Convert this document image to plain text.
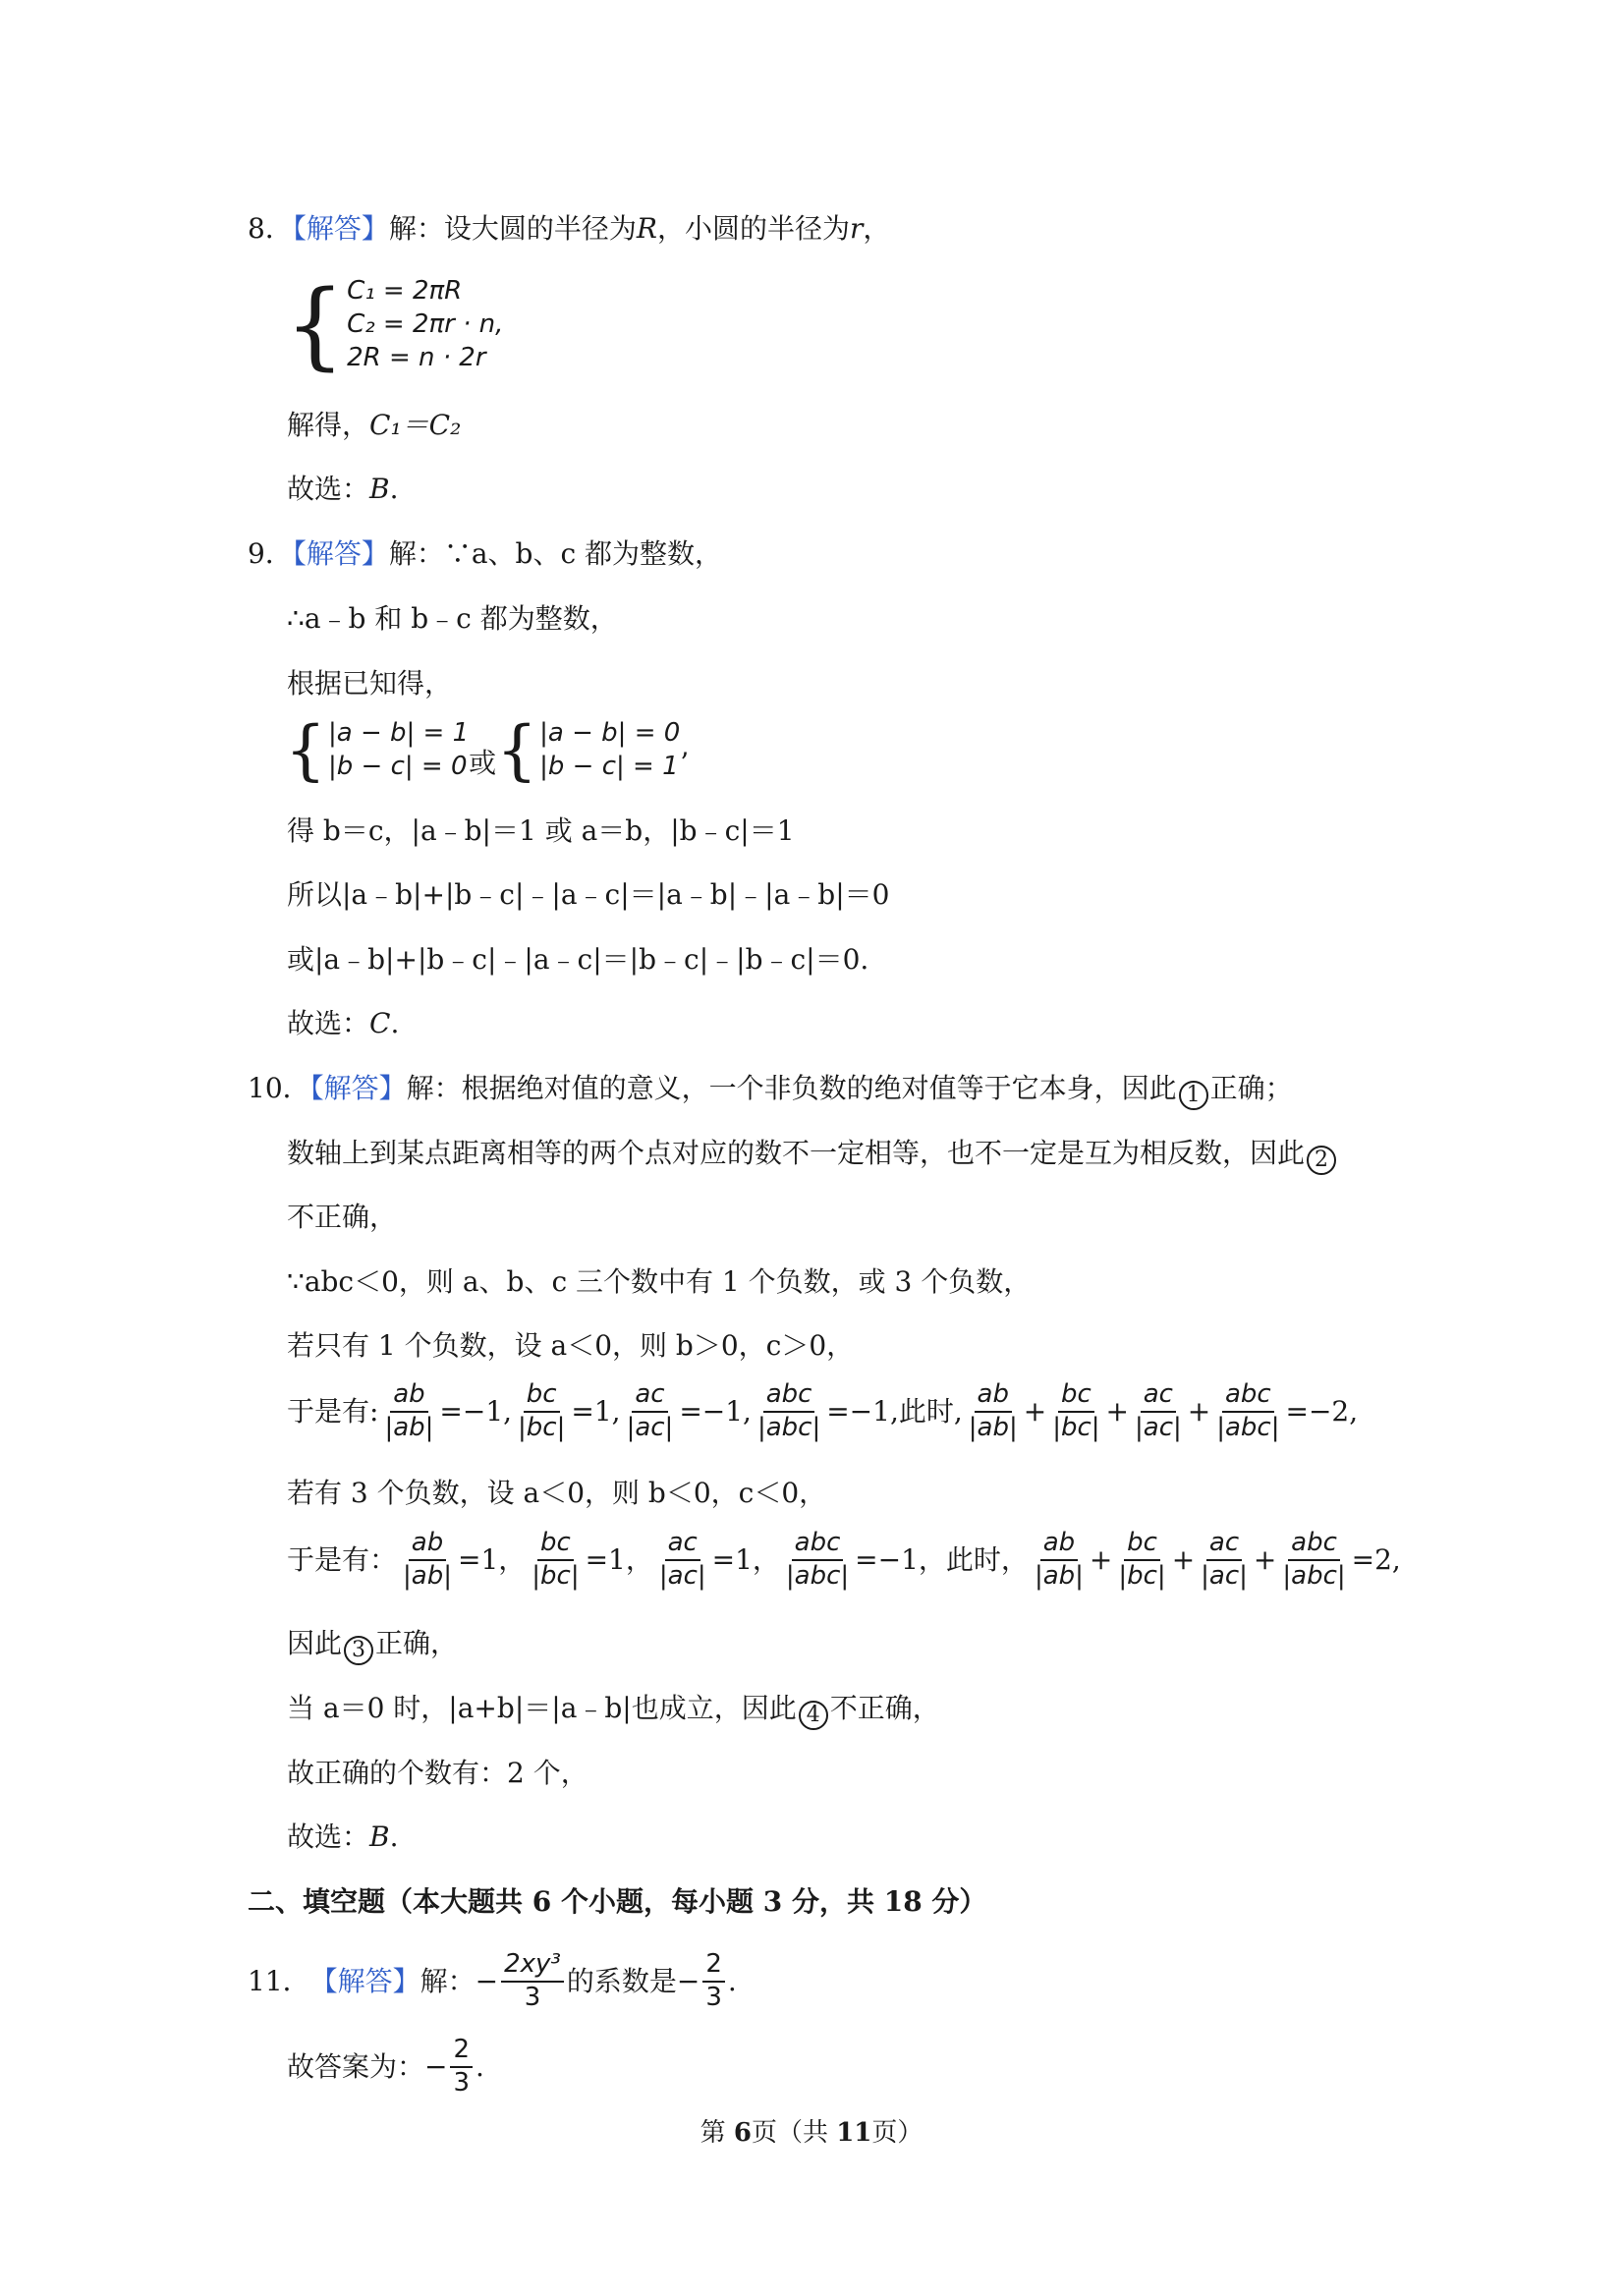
8．【解答】解：设大圆的半径为R，小圆的半径为r，
{ C₁ = 2πR
C₂ = 2πr · n,
2R = n · 2r
解得，C₁＝C₂
故选：B.
9．【解答】解：∵a、b、c 都为整数，
∴a﹣b 和 b﹣c 都为整数，
根据已知得，
{ |a − b| = 1
|b − c| = 0 或 { |a − b| = 0
|b − c| = 1 ’
得 b＝c，|a﹣b|＝1 或 a＝b，|b﹣c|＝1
所以|a﹣b|+|b﹣c|﹣|a﹣c|＝|a﹣b|﹣|a﹣b|＝0
或|a﹣b|+|b﹣c|﹣|a﹣c|＝|b﹣c|﹣|b﹣c|＝0.
故选：C.
10．【解答】解：根据绝对值的意义，一个非负数的绝对值等于它本身，因此 1 正确；
数轴上到某点距离相等的两个点对应的数不一定相等，也不一定是互为相反数，因此 2
不正确，
∵abc＜0，则 a、b、c 三个数中有 1 个负数，或 3 个负数，
若只有 1 个负数，设 a＜0，则 b＞0，c＞0，
于是有: $\frac{ab}{|ab|} =-1$, $\frac{bc}{|bc|} =1$, $\frac{ac}{|ac|} =-1$, $\frac{\text{abc}}{\text{|abc|}} =-1$, 此时, $\frac{ab}{|ab|} + \frac{bc}{|bc|} + \frac{ac}{|ac|} + \frac{\text{abc}}{\text{|abc|}} =-2$,
若有 3 个负数，设 a＜0，则 b＜0，c＜0，
于是有： $\frac{ab}{|ab|} =1$， $\frac{bc}{|bc|} =1$， $\frac{ac}{|ac|} =1$， $\frac{\text{abc}}{\text{|abc|}} =-1$， 此时， $\frac{ab}{|ab|} + \frac{bc}{|bc|} + \frac{ac}{|ac|} + \frac{\text{abc}}{\text{|abc|}} =2$,
因此 3 正确，
当 a＝0 时，|a+b|＝|a﹣b|也成立，因此 4 不正确，
故正确的个数有：2 个，
故选：B.
二、填空题（本大题共 6 个小题，每小题 3 分，共 18 分）
11． 【解答】 解：− $\frac{\text{2xy³}}{3}$ 的系数是− $\frac{2}{3}$ .
故答案为：− $\frac{2}{3}$ .
第 6页（共 11页）
